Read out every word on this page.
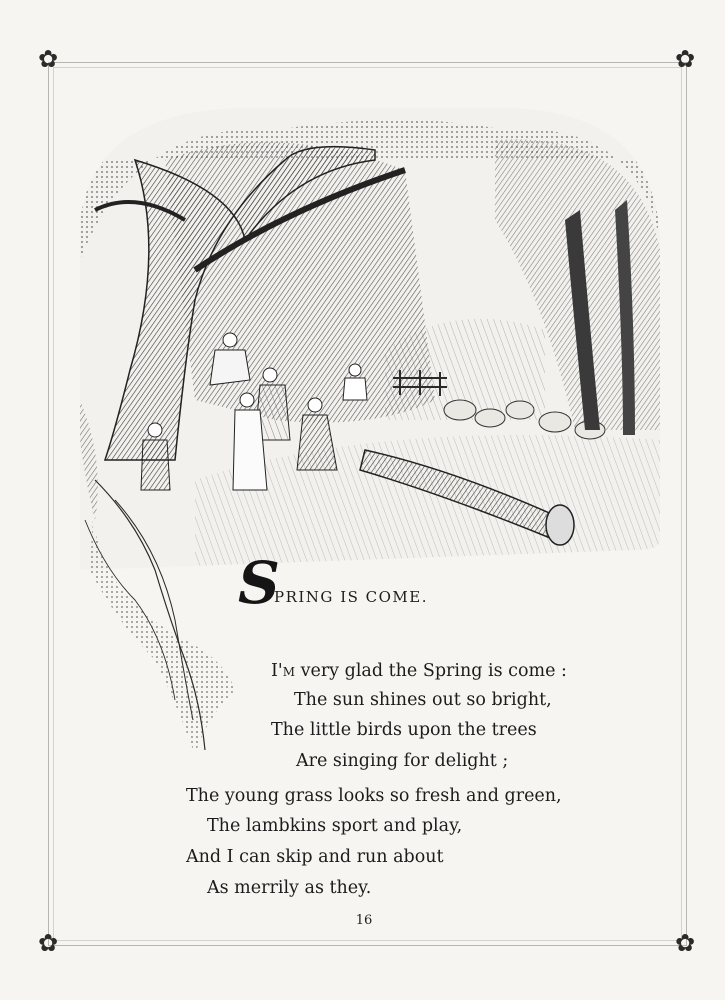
✿	✿
✿	✿
S
PRING IS COME.
I'm very glad the Spring is come :
The sun shines out so bright,
The little birds upon the trees
Are singing for delight ;
The young grass looks so fresh and green,
The lambkins sport and play,
And I can skip and run about
As merrily as they.
16
